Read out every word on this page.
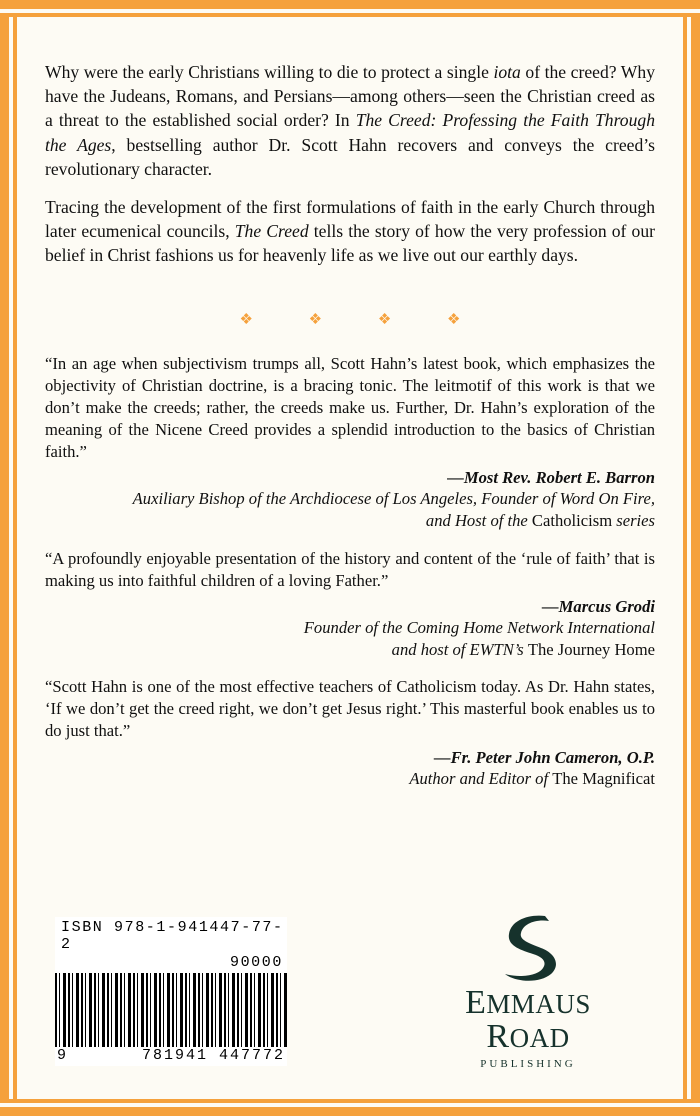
Why were the early Christians willing to die to protect a single iota of the creed? Why have the Judeans, Romans, and Persians—among others—seen the Christian creed as a threat to the established social order? In The Creed: Professing the Faith Through the Ages, bestselling author Dr. Scott Hahn recovers and conveys the creed’s revolutionary character.

Tracing the development of the first formulations of faith in the early Church through later ecumenical councils, The Creed tells the story of how the very profession of our belief in Christ fashions us for heavenly life as we live out our earthly days.

❖ ❖ ❖ ❖

“In an age when subjectivism trumps all, Scott Hahn’s latest book, which emphasizes the objectivity of Christian doctrine, is a bracing tonic. The leitmotif of this work is that we don’t make the creeds; rather, the creeds make us. Further, Dr. Hahn’s exploration of the meaning of the Nicene Creed provides a splendid introduction to the basics of Christian faith.”

—Most Rev. Robert E. Barron
Auxiliary Bishop of the Archdiocese of Los Angeles, Founder of Word On Fire,
and Host of the Catholicism series

“A profoundly enjoyable presentation of the history and content of the ‘rule of faith’ that is making us into faithful children of a loving Father.”

—Marcus Grodi
Founder of the Coming Home Network International
and host of EWTN’s The Journey Home

“Scott Hahn is one of the most effective teachers of Catholicism today. As Dr. Hahn states, ‘If we don’t get the creed right, we don’t get Jesus right.’ This masterful book enables us to do just that.”

—Fr. Peter John Cameron, O.P.
Author and Editor of The Magnificat
ISBN 978-1-941447-77-2
90000
9	781941 447772
EMMAUS
ROAD
PUBLISHING
